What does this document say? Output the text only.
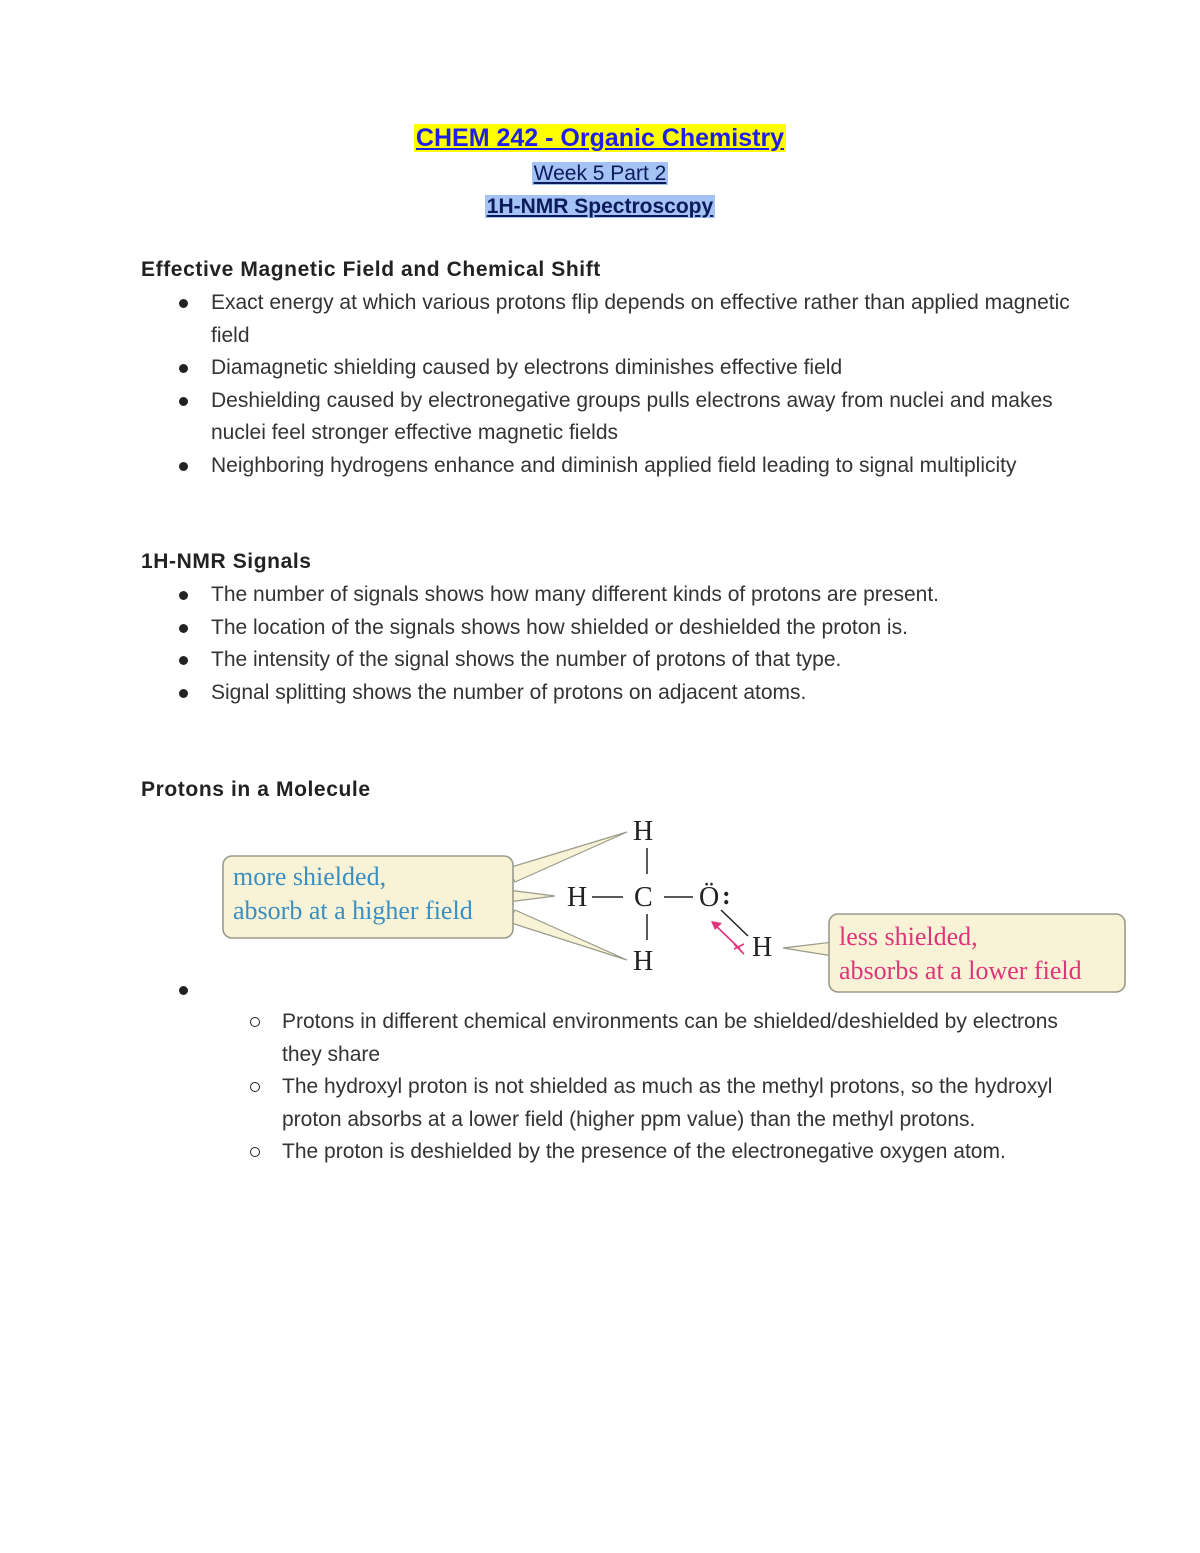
CHEM 242 - Organic Chemistry
Week 5 Part 2
1H-NMR Spectroscopy
Effective Magnetic Field and Chemical Shift
Exact energy at which various protons flip depends on effective rather than applied magnetic field
Diamagnetic shielding caused by electrons diminishes effective field
Deshielding caused by electronegative groups pulls electrons away from nuclei and makes nuclei feel stronger effective magnetic fields
Neighboring hydrogens enhance and diminish applied field leading to signal multiplicity
1H-NMR Signals
The number of signals shows how many different kinds of protons are present.
The location of the signals shows how shielded or deshielded the proton is.
The intensity of the signal shows the number of protons of that type.
Signal splitting shows the number of protons on adjacent atoms.
Protons in a Molecule
more shielded,
absorb at a higher field
H
H C
H
Ö :
H	less shielded,
absorbs at a lower field
Protons in different chemical environments can be shielded/deshielded by electrons they share
The hydroxyl proton is not shielded as much as the methyl protons, so the hydroxyl proton absorbs at a lower field (higher ppm value) than the methyl protons.
The proton is deshielded by the presence of the electronegative oxygen atom.
